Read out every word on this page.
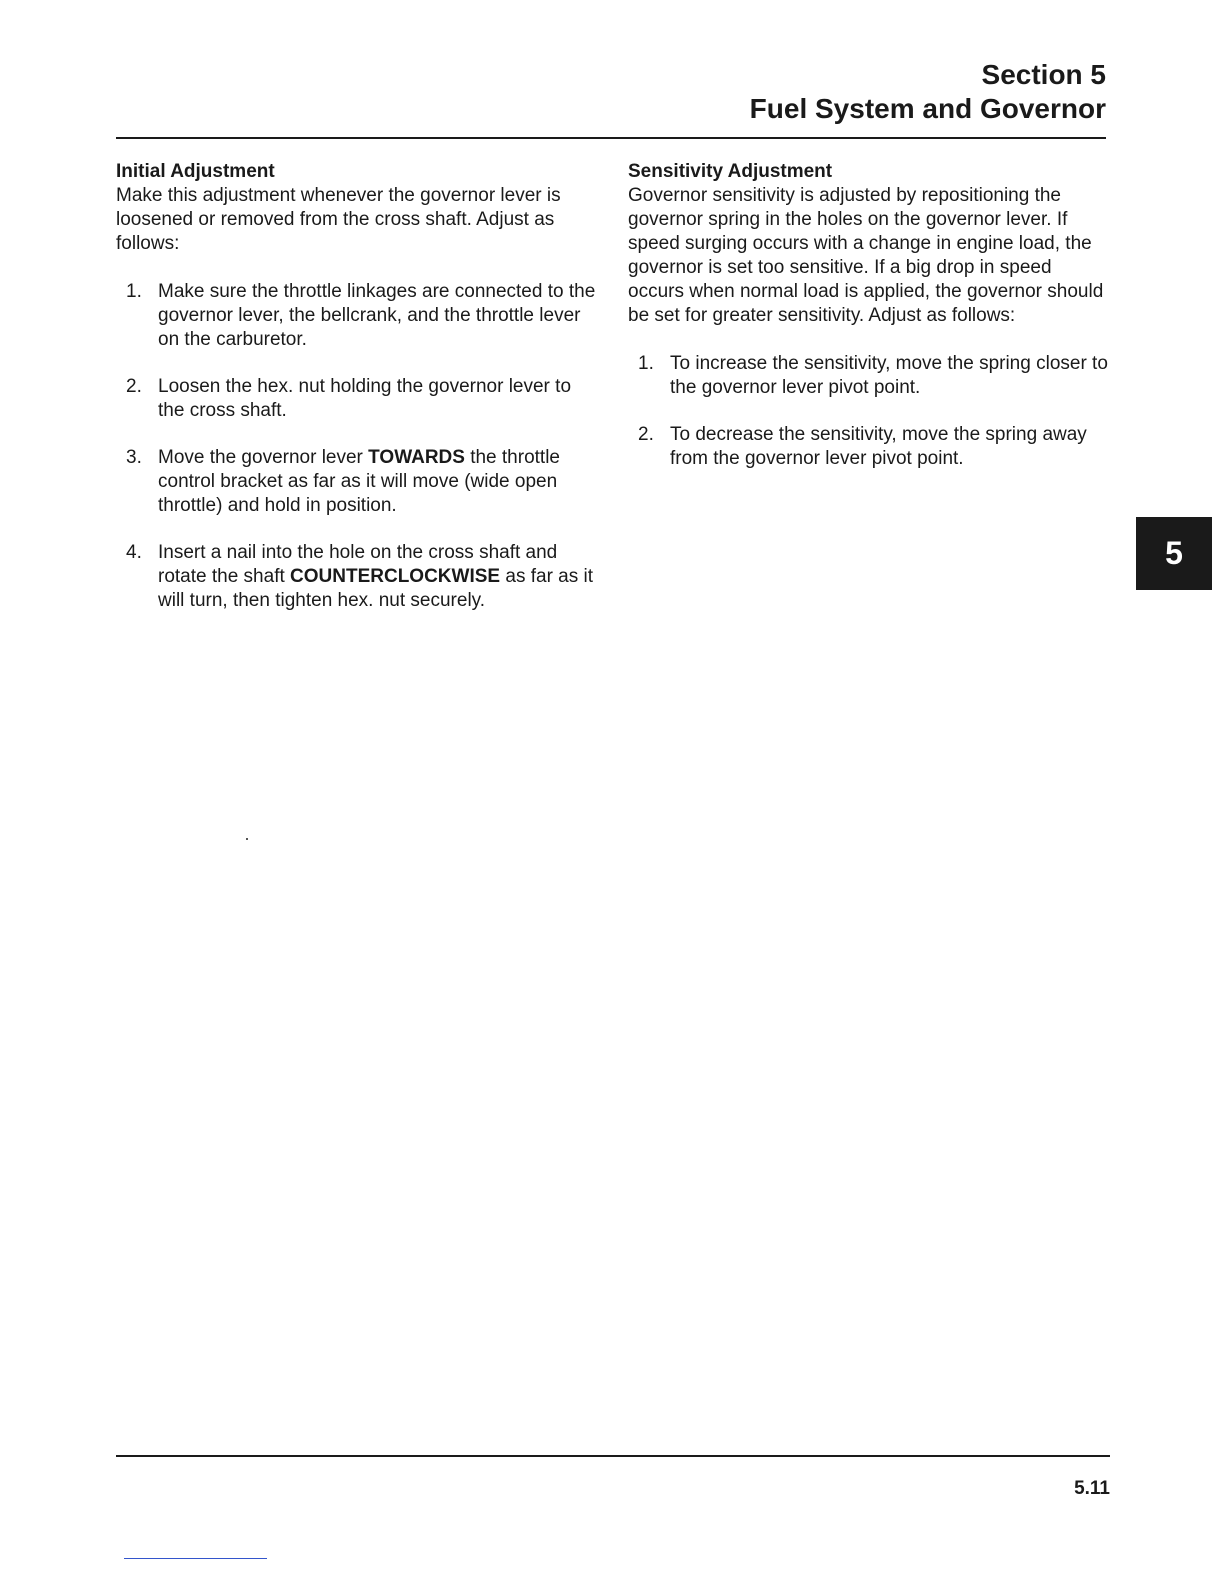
Section 5

Fuel System and Governor

Initial Adjustment

Make this adjustment whenever the governor lever is loosened or removed from the cross shaft. Adjust as follows:

1. Make sure the throttle linkages are connected to the governor lever, the bellcrank, and the throttle lever on the carburetor.
2. Loosen the hex. nut holding the governor lever to the cross shaft.
3. Move the governor lever TOWARDS the throttle control bracket as far as it will move (wide open throttle) and hold in position.
4. Insert a nail into the hole on the cross shaft and rotate the shaft COUNTERCLOCKWISE as far as it will turn, then tighten hex. nut securely.

Sensitivity Adjustment

Governor sensitivity is adjusted by repositioning the governor spring in the holes on the governor lever. If speed surging occurs with a change in engine load, the governor is set too sensitive. If a big drop in speed occurs when normal load is applied, the governor should be set for greater sensitivity. Adjust as follows:

1. To increase the sensitivity, move the spring closer to the governor lever pivot point.
2. To decrease the sensitivity, move the spring away from the governor lever pivot point.
5
5.11
